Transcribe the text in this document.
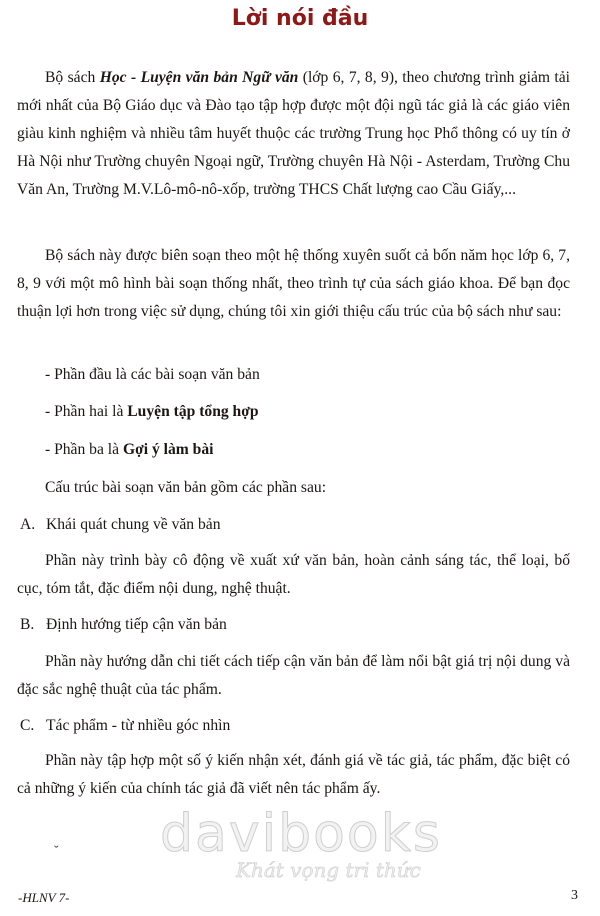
Lời nói đầu
Bộ sách Học - Luyện văn bản Ngữ văn (lớp 6, 7, 8, 9), theo chương trình giảm tải mới nhất của Bộ Giáo dục và Đào tạo tập hợp được một đội ngũ tác giả là các giáo viên giàu kinh nghiệm và nhiều tâm huyết thuộc các trường Trung học Phổ thông có uy tín ở Hà Nội như Trường chuyên Ngoại ngữ, Trường chuyên Hà Nội - Asterdam, Trường Chu Văn An, Trường M.V.Lô-mô-nô-xốp, trường THCS Chất lượng cao Cầu Giấy,...
Bộ sách này được biên soạn theo một hệ thống xuyên suốt cả bốn năm học lớp 6, 7, 8, 9 với một mô hình bài soạn thống nhất, theo trình tự của sách giáo khoa. Để bạn đọc thuận lợi hơn trong việc sử dụng, chúng tôi xin giới thiệu cấu trúc của bộ sách như sau:
- Phần đầu là các bài soạn văn bản
- Phần hai là Luyện tập tổng hợp
- Phần ba là Gợi ý làm bài
Cấu trúc bài soạn văn bản gồm các phần sau:
A. Khái quát chung về văn bản
Phần này trình bày cô động về xuất xứ văn bản, hoàn cảnh sáng tác, thể loại, bố cục, tóm tắt, đặc điểm nội dung, nghệ thuật.
B. Định hướng tiếp cận văn bản
Phần này hướng dẫn chi tiết cách tiếp cận văn bản để làm nổi bật giá trị nội dung và đặc sắc nghệ thuật của tác phẩm.
C. Tác phẩm - từ nhiều góc nhìn
Phần này tập hợp một số ý kiến nhận xét, đánh giá về tác giả, tác phẩm, đặc biệt có cả những ý kiến của chính tác giả đã viết nên tác phẩm ấy.
˘ davibooks
Khát vọng tri thức
-HLNV 7-	3
